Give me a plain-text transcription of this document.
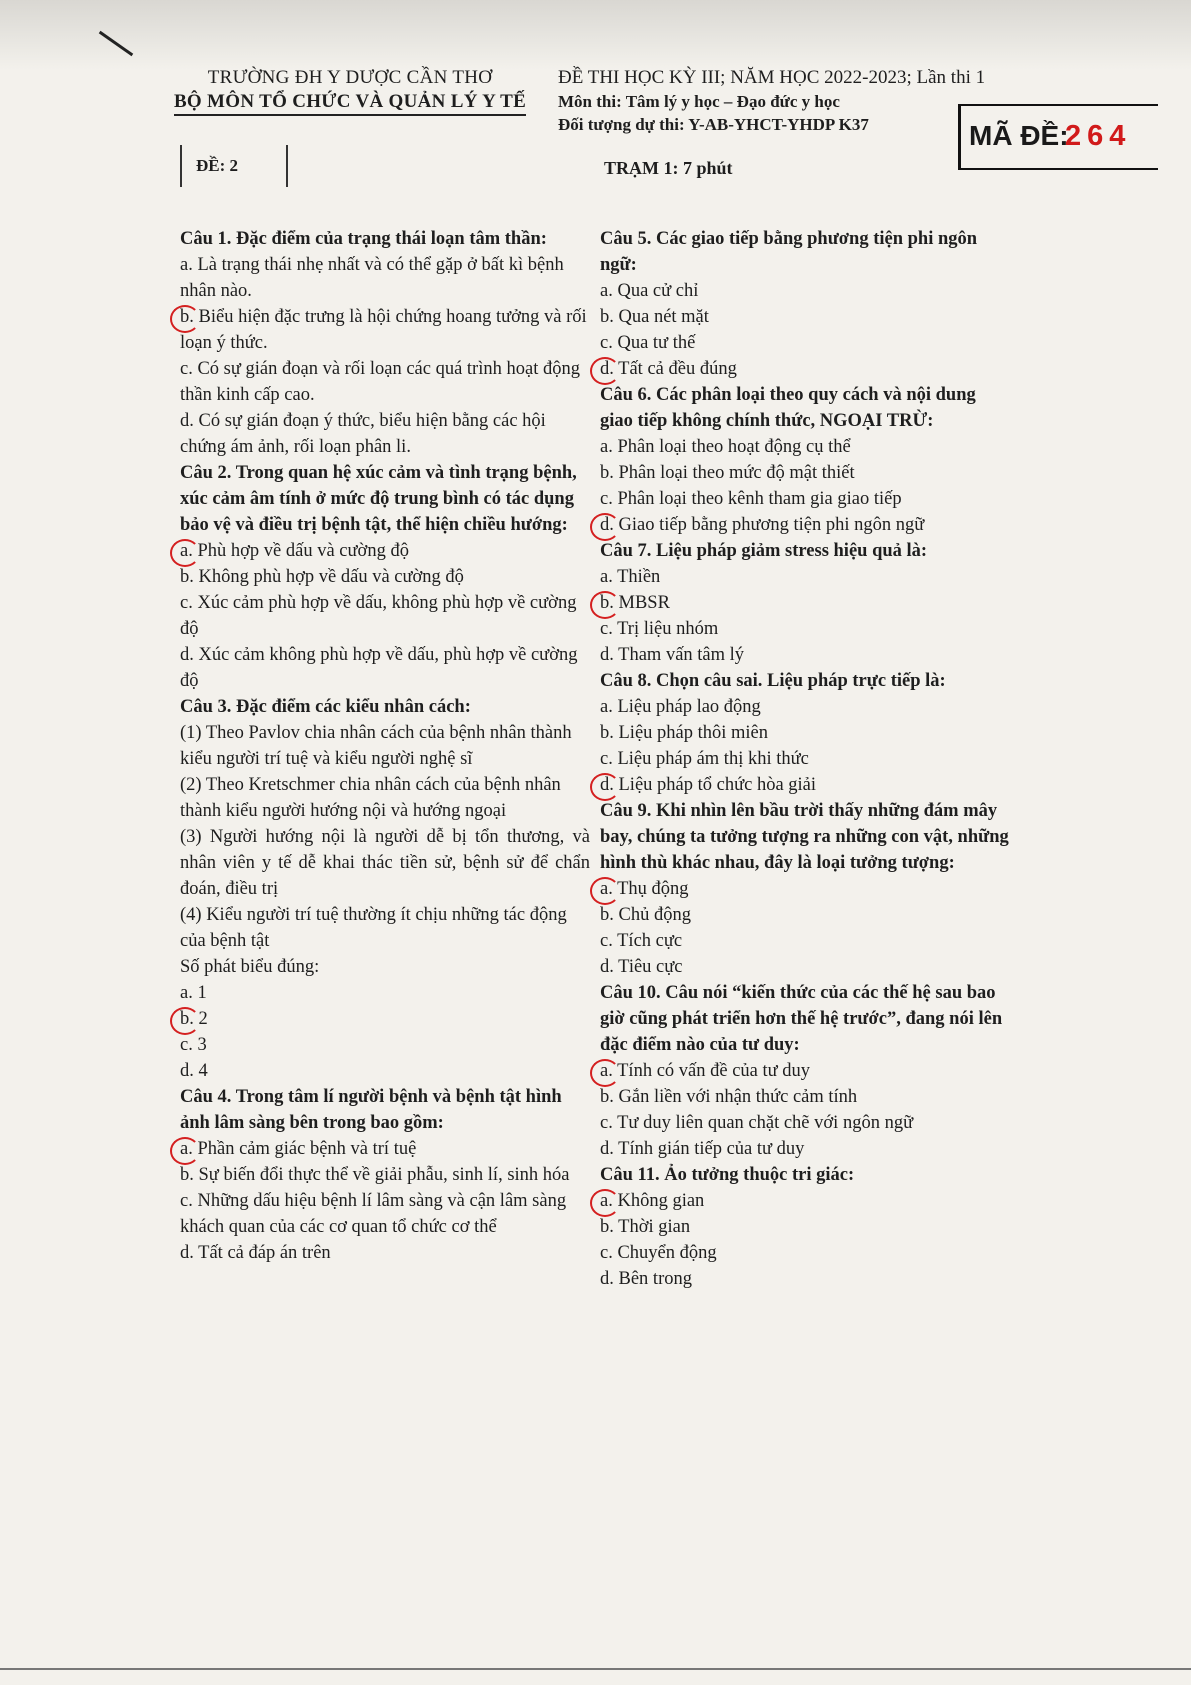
TRƯỜNG ĐH Y DƯỢC CẦN THƠ
BỘ MÔN TỔ CHỨC VÀ QUẢN LÝ Y TẾ
ĐỀ THI HỌC KỲ III; NĂM HỌC 2022-2023; Lần thi 1
Môn thi: Tâm lý y học – Đạo đức y học
Đối tượng dự thi: Y-AB-YHCT-YHDP K37
ĐỀ: 2	TRẠM 1: 7 phút
MÃ ĐỀ:
264

Câu 1. Đặc điểm của trạng thái loạn tâm thần:

a. Là trạng thái nhẹ nhất và có thể gặp ở bất kì bệnh nhân nào.

b. Biểu hiện đặc trưng là hội chứng hoang tưởng và rối loạn ý thức.

c. Có sự gián đoạn và rối loạn các quá trình hoạt động thần kinh cấp cao.

d. Có sự gián đoạn ý thức, biểu hiện bằng các hội chứng ám ảnh, rối loạn phân li.

Câu 2. Trong quan hệ xúc cảm và tình trạng bệnh, xúc cảm âm tính ở mức độ trung bình có tác dụng bảo vệ và điều trị bệnh tật, thể hiện chiều hướng:

a. Phù hợp về dấu và cường độ

b. Không phù hợp về dấu và cường độ

c. Xúc cảm phù hợp về dấu, không phù hợp về cường độ

d. Xúc cảm không phù hợp về dấu, phù hợp về cường độ

Câu 3. Đặc điểm các kiểu nhân cách:

(1) Theo Pavlov chia nhân cách của bệnh nhân thành kiểu người trí tuệ và kiểu người nghệ sĩ

(2) Theo Kretschmer chia nhân cách của bệnh nhân thành kiểu người hướng nội và hướng ngoại

(3) Người hướng nội là người dễ bị tổn thương, và nhân viên y tế dễ khai thác tiền sử, bệnh sử để chẩn đoán, điều trị

(4) Kiểu người trí tuệ thường ít chịu những tác động của bệnh tật

Số phát biểu đúng:

a. 1

b. 2

c. 3

d. 4

Câu 4. Trong tâm lí người bệnh và bệnh tật hình ảnh lâm sàng bên trong bao gồm:

a. Phần cảm giác bệnh và trí tuệ

b. Sự biến đổi thực thể về giải phẫu, sinh lí, sinh hóa

c. Những dấu hiệu bệnh lí lâm sàng và cận lâm sàng khách quan của các cơ quan tổ chức cơ thể

d. Tất cả đáp án trên

Câu 5. Các giao tiếp bằng phương tiện phi ngôn ngữ:

a. Qua cử chỉ

b. Qua nét mặt

c. Qua tư thế

d. Tất cả đều đúng

Câu 6. Các phân loại theo quy cách và nội dung giao tiếp không chính thức, NGOẠI TRỪ:

a. Phân loại theo hoạt động cụ thể

b. Phân loại theo mức độ mật thiết

c. Phân loại theo kênh tham gia giao tiếp

d. Giao tiếp bằng phương tiện phi ngôn ngữ

Câu 7. Liệu pháp giảm stress hiệu quả là:

a. Thiền

b. MBSR

c. Trị liệu nhóm

d. Tham vấn tâm lý

Câu 8. Chọn câu sai. Liệu pháp trực tiếp là:

a. Liệu pháp lao động

b. Liệu pháp thôi miên

c. Liệu pháp ám thị khi thức

d. Liệu pháp tổ chức hòa giải

Câu 9. Khi nhìn lên bầu trời thấy những đám mây bay, chúng ta tưởng tượng ra những con vật, những hình thù khác nhau, đây là loại tưởng tượng:

a. Thụ động

b. Chủ động

c. Tích cực

d. Tiêu cực

Câu 10. Câu nói “kiến thức của các thế hệ sau bao giờ cũng phát triển hơn thế hệ trước”, đang nói lên đặc điểm nào của tư duy:

a. Tính có vấn đề của tư duy

b. Gắn liền với nhận thức cảm tính

c. Tư duy liên quan chặt chẽ với ngôn ngữ

d. Tính gián tiếp của tư duy

Câu 11. Ảo tưởng thuộc tri giác:

a. Không gian

b. Thời gian

c. Chuyển động

d. Bên trong
